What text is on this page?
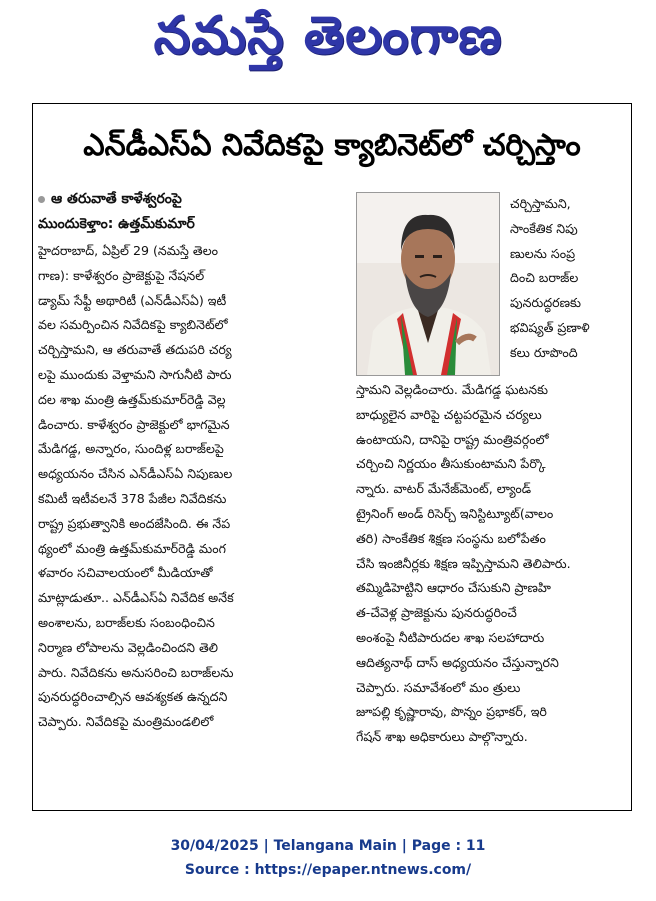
నమస్తే తెలంగాణ
ఎన్‌డీఎస్‌ఏ నివేదికపై క్యాబినెట్‌లో చర్చిస్తాం
ఆ తరువాతే కాళేశ్వరంపై
ముందుకెళ్తాం: ఉత్తమ్‌కుమార్
హైదరాబాద్, ఏప్రిల్ 29 (నమస్తే తెలం
గాణ): కాళేశ్వరం ప్రాజెక్టుపై నేషనల్
డ్యామ్ సేఫ్టీ అథారిటీ (ఎన్‌డీఎస్‌ఏ) ఇటీ
వల సమర్పించిన నివేదికపై క్యాబినెట్‌లో
చర్చిస్తామని, ఆ తరువాతే తదుపరి చర్య
లపై ముందుకు వెళ్తామని సాగునీటి పారు
దల శాఖ మంత్రి ఉత్తమ్‌కుమార్‌రెడ్డి వెల్ల
డించారు. కాళేశ్వరం ప్రాజెక్టులో భాగమైన
మేడిగడ్డ, అన్నారం, సుందిళ్ల బరాజ్‌లపై
అధ్యయనం చేసిన ఎన్‌డీఎస్‌ఏ నిపుణుల
కమిటీ ఇటీవలనే 378 పేజీల నివేదికను
రాష్ట్ర ప్రభుత్వానికి అందజేసింది. ఈ నేప
థ్యంలో మంత్రి ఉత్తమ్‌కుమార్‌రెడ్డి మంగ
ళవారం సచివాలయంలో మీడియాతో
మాట్లాడుతూ.. ఎన్‌డీఎస్‌ఏ నివేదిక అనేక
అంశాలను, బరాజ్‌లకు సంబంధించిన
నిర్మాణ లోపాలను వెల్లడించిందని తెలి
పారు. నివేదికను అనుసరించి బరాజ్‌లను
పునరుద్ధరించాల్సిన ఆవశ్యకత ఉన్నదని
చెప్పారు. నివేదికపై మంత్రిమండలిలో
చర్చిస్తామని,
సాంకేతిక నిపు
ణులను సంప్ర
దించి బరాజ్‌ల
పునరుద్ధరణకు
భవిష్యత్ ప్రణాళి
కలు రూపొంది
స్తామని వెల్లడించారు. మేడిగడ్డ ఘటనకు
బాధ్యులైన వారిపై చట్టపరమైన చర్యలు
ఉంటాయని, దానిపై రాష్ట్ర మంత్రివర్గంలో
చర్చించి నిర్ణయం తీసుకుంటామని పేర్కొ
న్నారు. వాటర్ మేనేజ్‌మెంట్, ల్యాండ్
ట్రైనింగ్ అండ్ రిసెర్చ్ ఇనిస్టిట్యూట్(వాలం
తరి) సాంకేతిక శిక్షణ సంస్థను బలోపేతం
చేసి ఇంజినీర్లకు శిక్షణ ఇప్పిస్తామని తెలిపారు.
తమ్మిడిహెట్టిని ఆధారం చేసుకుని ప్రాణహి
త-చేవెళ్ల ప్రాజెక్టును పునరుద్ధరించే
అంశంపై నీటిపారుదల శాఖ సలహాదారు
ఆదిత్యనాథ్ దాస్ అధ్యయనం చేస్తున్నారని
చెప్పారు. సమావేశంలో మం త్రులు
జూపల్లి కృష్ణారావు, పొన్నం ప్రభాకర్, ఇరి
గేషన్ శాఖ అధికారులు పాల్గొన్నారు.
30/04/2025 | Telangana Main | Page : 11
Source : https://epaper.ntnews.com/
